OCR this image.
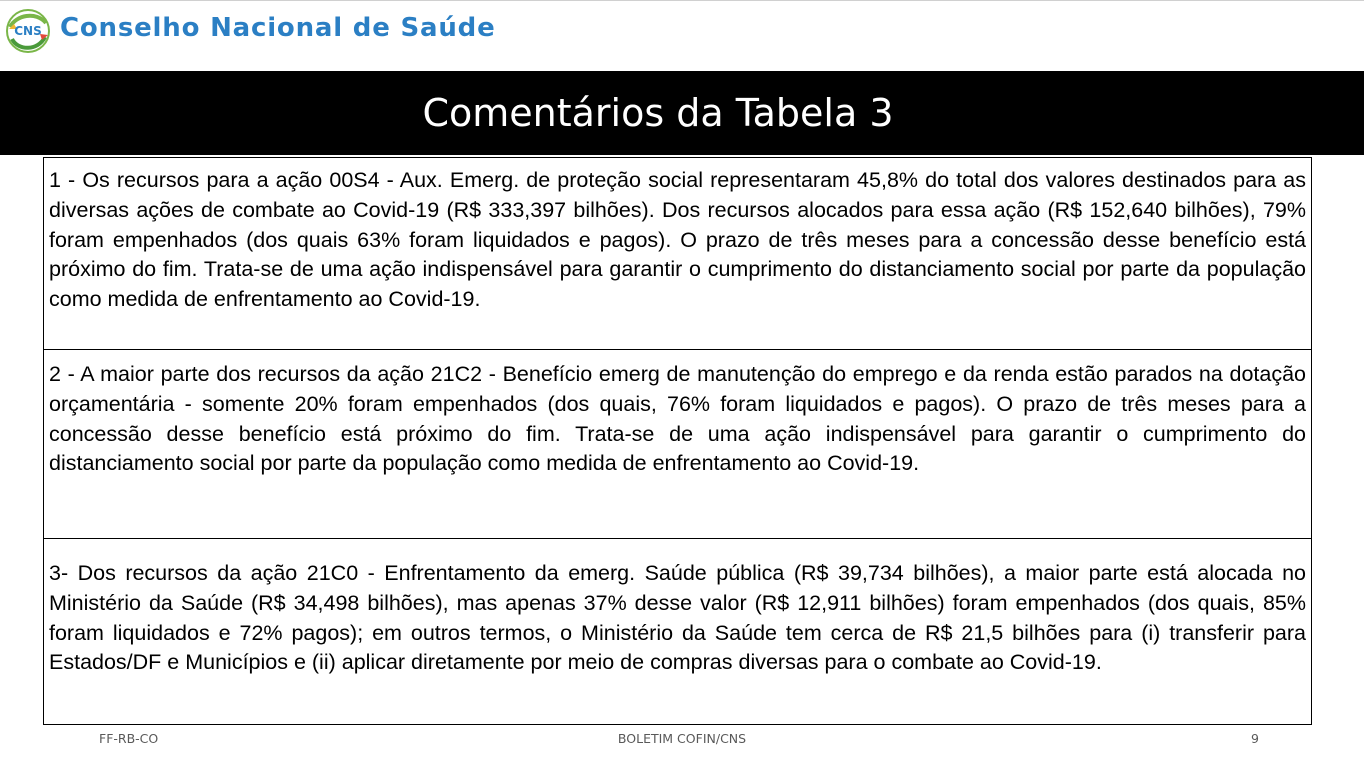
CNS Conselho Nacional de Saúde
Comentários da Tabela 3

1 - Os recursos para a ação 00S4 - Aux. Emerg. de proteção social representaram 45,8% do total dos valores destinados para as diversas ações de combate ao Covid-19 (R$ 333,397 bilhões). Dos recursos alocados para essa ação (R$ 152,640 bilhões), 79% foram empenhados (dos quais 63% foram liquidados e pagos). O prazo de três meses para a concessão desse benefício está próximo do fim. Trata-se de uma ação indispensável para garantir o cumprimento do distanciamento social por parte da população como medida de enfrentamento ao Covid-19.

2 - A maior parte dos recursos da ação 21C2 - Benefício emerg de manutenção do emprego e da renda estão parados na dotação orçamentária - somente 20% foram empenhados (dos quais, 76% foram liquidados e pagos). O prazo de três meses para a concessão desse benefício está próximo do fim. Trata-se de uma ação indispensável para garantir o cumprimento do distanciamento social por parte da população como medida de enfrentamento ao Covid-19.

3- Dos recursos da ação 21C0 - Enfrentamento da emerg. Saúde pública (R$ 39,734 bilhões), a maior parte está alocada no Ministério da Saúde (R$ 34,498 bilhões), mas apenas 37% desse valor (R$ 12,911 bilhões) foram empenhados (dos quais, 85% foram liquidados e 72% pagos); em outros termos, o Ministério da Saúde tem cerca de R$ 21,5 bilhões para (i) transferir para Estados/DF e Municípios e (ii) aplicar diretamente por meio de compras diversas para o combate ao Covid-19.

FF-RB-CO	BOLETIM COFIN/CNS	9
